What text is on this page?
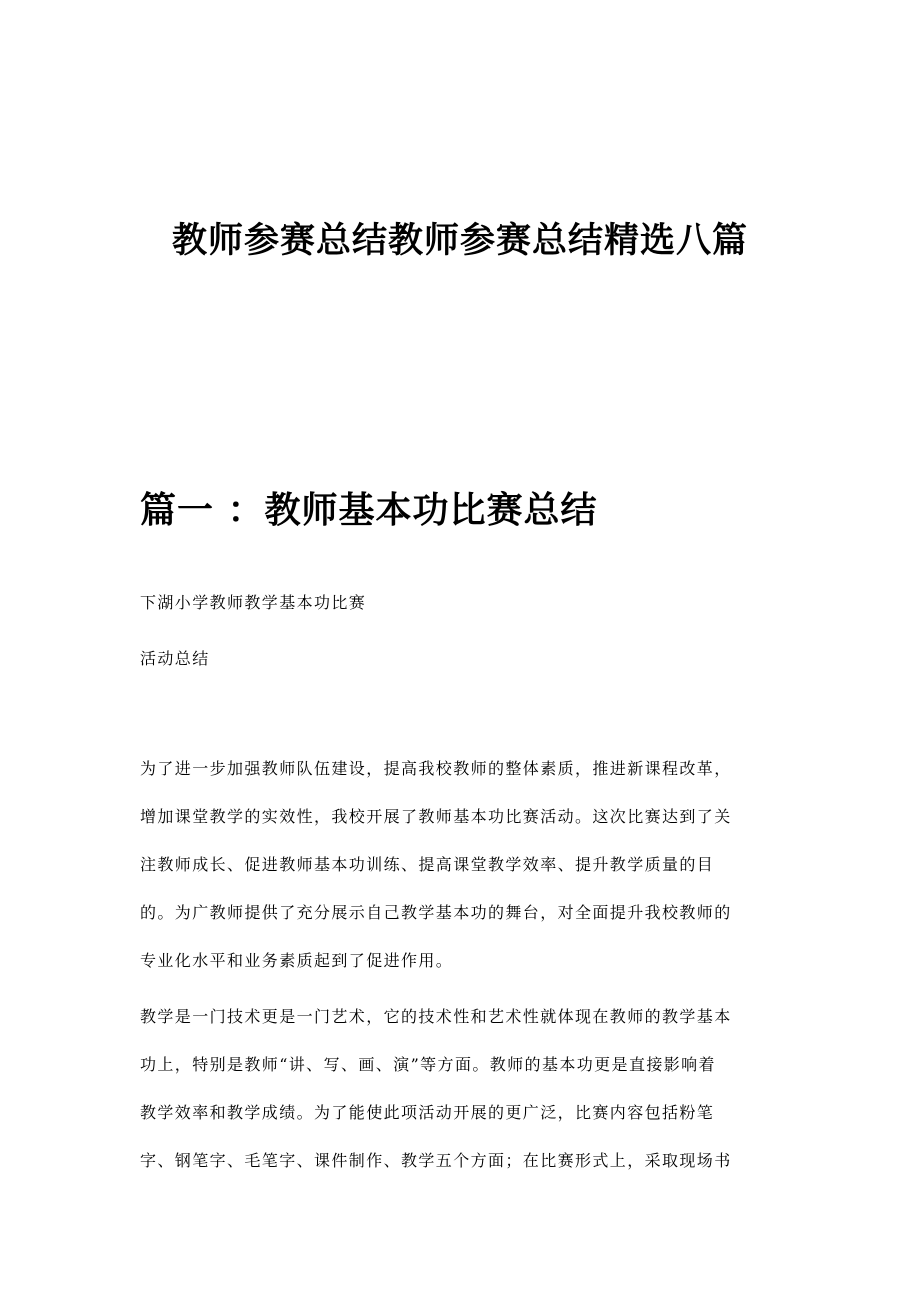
教师参赛总结教师参赛总结精选八篇
篇一 ：教师基本功比赛总结
下湖小学教师教学基本功比赛
活动总结
为了进一步加强教师队伍建设，提高我校教师的整体素质，推进新课程改革，
增加课堂教学的实效性，我校开展了教师基本功比赛活动。这次比赛达到了关
注教师成长、促进教师基本功训练、提高课堂教学效率、提升教学质量的目
的。为广教师提供了充分展示自己教学基本功的舞台，对全面提升我校教师的
专业化水平和业务素质起到了促进作用。
教学是一门技术更是一门艺术，它的技术性和艺术性就体现在教师的教学基本
功上，特别是教师“讲、写、画、演”等方面。教师的基本功更是直接影响着
教学效率和教学成绩。为了能使此项活动开展的更广泛，比赛内容包括粉笔
字、钢笔字、毛笔字、课件制作、教学五个方面；在比赛形式上，采取现场书
